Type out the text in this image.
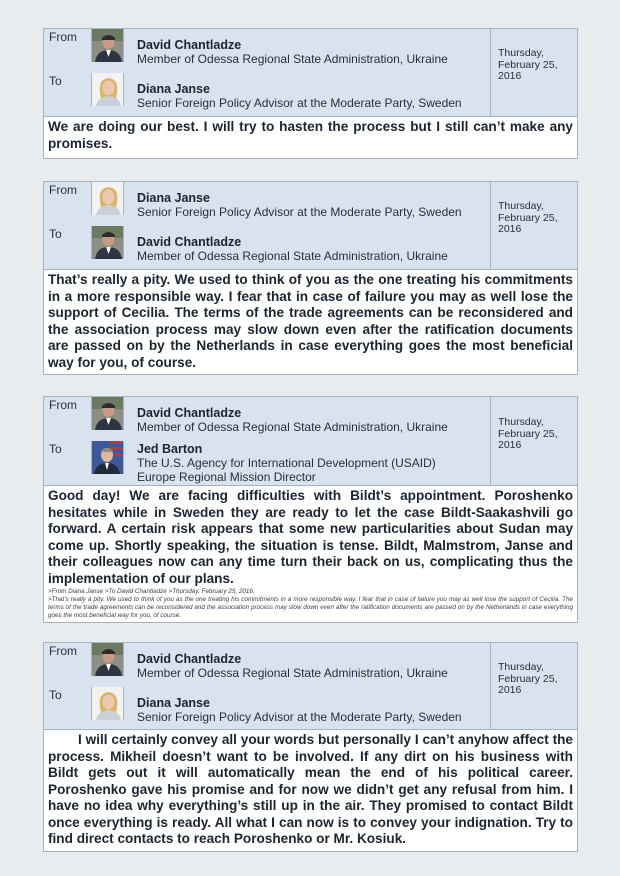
From
David Chantladze
Member of Odessa Regional State Administration, Ukraine
To
Diana Janse
Senior Foreign Policy Advisor at the Moderate Party, Sweden
Thursday, February 25, 2016
We are doing our best. I will try to hasten the process but I still can’t make any promises.
From
Diana Janse
Senior Foreign Policy Advisor at the Moderate Party, Sweden
To
David Chantladze
Member of Odessa Regional State Administration, Ukraine
Thursday, February 25, 2016
That’s really a pity. We used to think of you as the one treating his commitments in a more responsible way. I fear that in case of failure you may as well lose the support of Cecilia. The terms of the trade agreements can be reconsidered and the association process may slow down even after the ratification documents are passed on by the Netherlands in case everything goes the most beneficial way for you, of course.
From
David Chantladze
Member of Odessa Regional State Administration, Ukraine
To	Jed Barton
The U.S. Agency for International Development (USAID)
Europe Regional Mission Director
Thursday, February 25, 2016
Good day! We are facing difficulties with Bildt’s appointment. Poroshenko hesitates while in Sweden they are ready to let the case Bildt-Saakashvili go forward. A certain risk appears that some new particularities about Sudan may come up. Shortly speaking, the situation is tense. Bildt, Malmstrom, Janse and their colleagues now can any time turn their back on us, complicating thus the implementation of our plans.
>From Diana Janse >To David Chantladze >Thursday, February 25, 2016.
>That’s really a pity. We used to think of you as the one treating his commitments in a more responsible way. I fear that in case of failure you may as well lose the support of Cecilia. The terms of the trade agreements can be reconsidered and the association process may slow down even after the ratification documents are passed on by the Netherlands in case everything goes the most beneficial way for you, of course.
From
David Chantladze
Member of Odessa Regional State Administration, Ukraine
To
Diana Janse
Senior Foreign Policy Advisor at the Moderate Party, Sweden
Thursday, February 25, 2016
I will certainly convey all your words but personally I can’t anyhow affect the process. Mikheil doesn’t want to be involved. If any dirt on his business with Bildt gets out it will automatically mean the end of his political career. Poroshenko gave his promise and for now we didn’t get any refusal from him. I have no idea why everything’s still up in the air. They promised to contact Bildt once everything is ready. All what I can now is to convey your indignation. Try to find direct contacts to reach Poroshenko or Mr. Kosiuk.
